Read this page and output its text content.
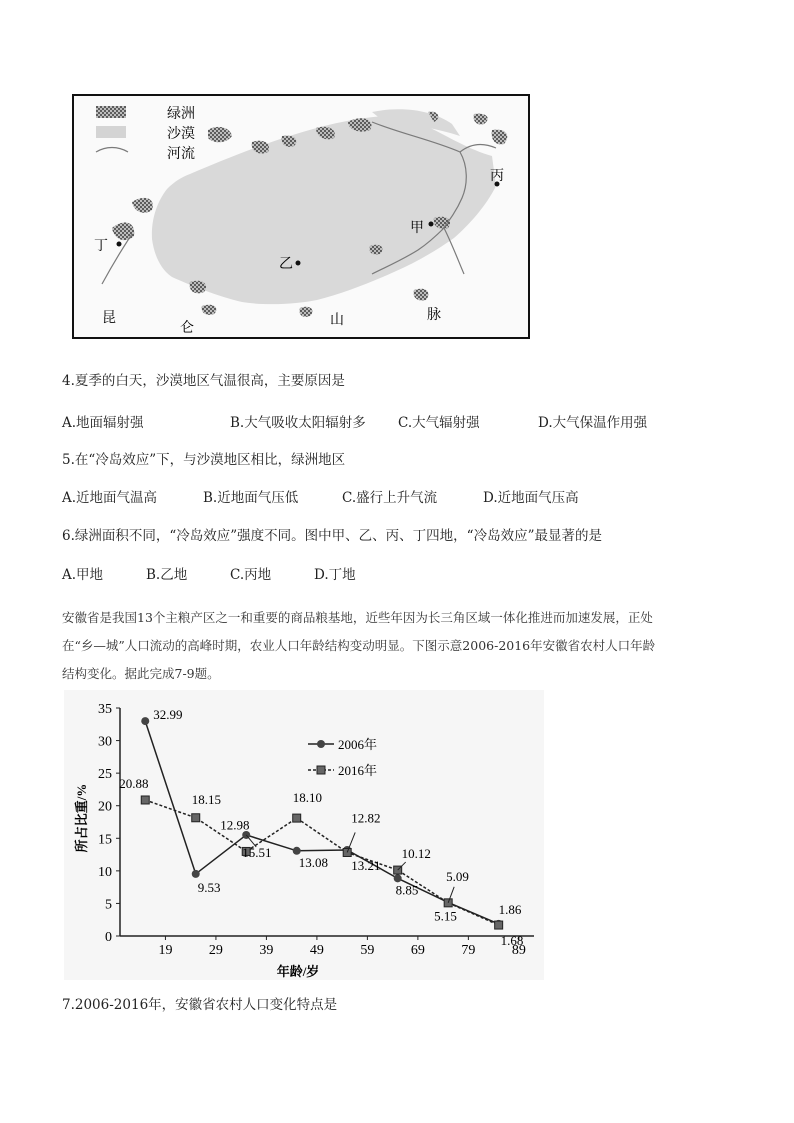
绿洲
沙漠
河流
丁
乙
甲
丙
昆
仑
山	脉
4.夏季的白天，沙漠地区气温很高，主要原因是
A.地面辐射强	B.大气吸收太阳辐射多 C.大气辐射强	D.大气保温作用强
5.在“冷岛效应”下，与沙漠地区相比，绿洲地区
A.近地面气温高	B.近地面气压低	C.盛行上升气流	D.近地面气压高
6.绿洲面积不同，“冷岛效应”强度不同。图中甲、乙、丙、丁四地，“冷岛效应”最显著的是
A.甲地	B.乙地	C.丙地	D.丁地
安徽省是我国13个主粮产区之一和重要的商品粮基地，近些年因为长三角区域一体化推进而加速发展，正处
在“乡—城”人口流动的高峰时期，农业人口年龄结构变动明显。下图示意2006-2016年安徽省农村人口年龄
结构变化。据此完成7-9题。
0
5
10
15
20
25
30
35
19	29	39	49	59	69	79	89
32.99
9.53
15.51
13.08 13.21
8.85
5.15	1.86
20.88
18.15
12.98
18.10
12.82
10.12
5.09
1.68
2006年
2016年
所占比重/%
年龄/岁
7.2006-2016年，安徽省农村人口变化特点是
